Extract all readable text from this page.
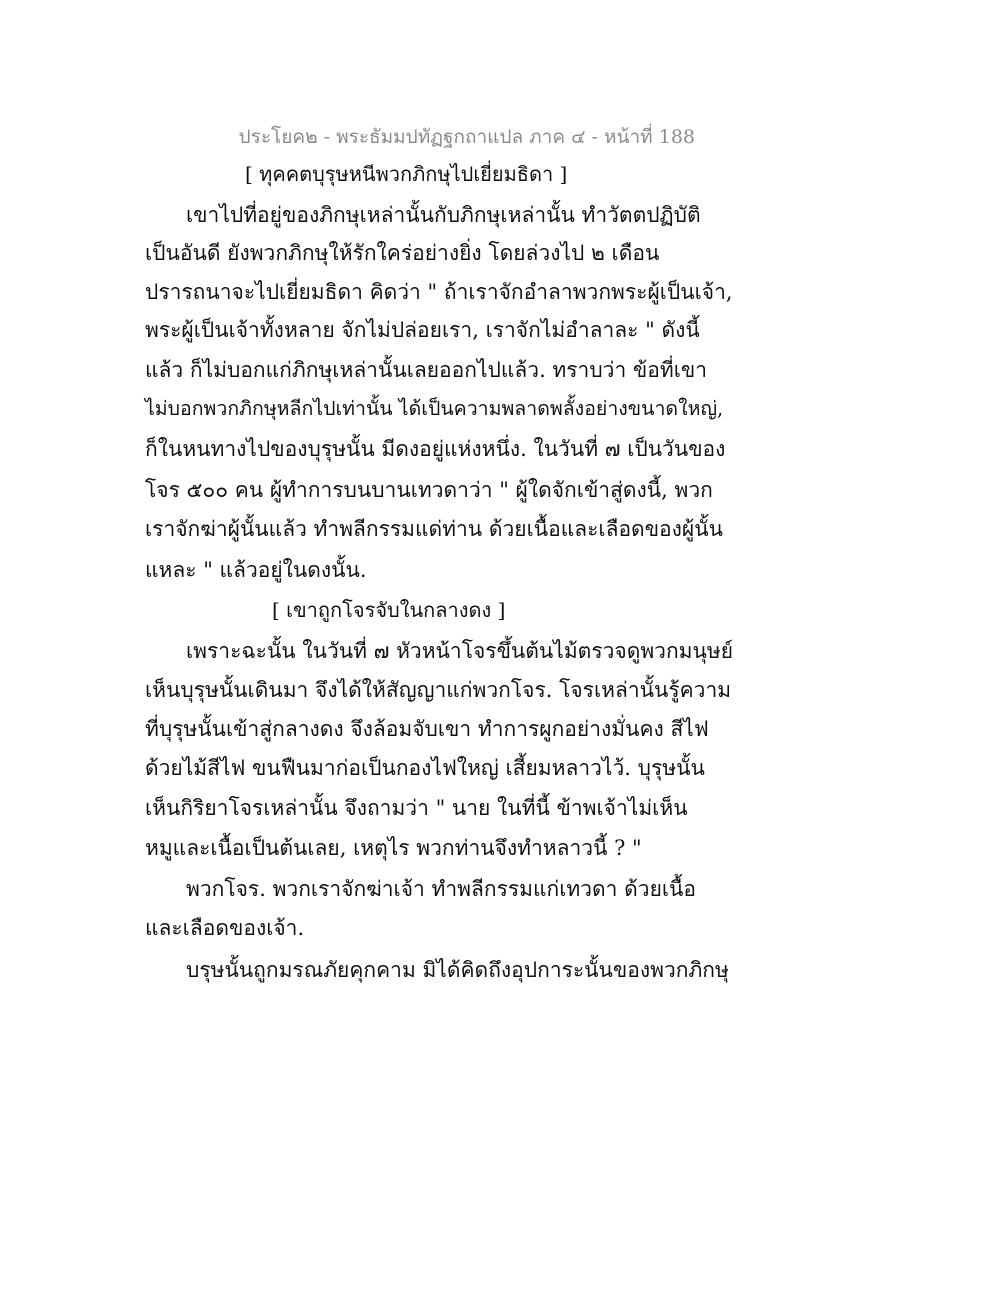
ประโยค๒ - พระธัมมปทัฏฐกถาแปล ภาค ๔ - หน้าที่ 188
[ ทุคคตบุรุษหนีพวกภิกษุไปเยี่ยมธิดา ]
เขาไปที่อยู่ของภิกษุเหล่านั้นกับภิกษุเหล่านั้น ทำวัตตปฏิบัติ
เป็นอันดี ยังพวกภิกษุให้รักใคร่อย่างยิ่ง โดยล่วงไป ๒ เดือน
ปรารถนาจะไปเยี่ยมธิดา คิดว่า " ถ้าเราจักอำลาพวกพระผู้เป็นเจ้า,
พระผู้เป็นเจ้าทั้งหลาย จักไม่ปล่อยเรา, เราจักไม่อำลาละ " ดังนี้
แล้ว ก็ไม่บอกแก่ภิกษุเหล่านั้นเลยออกไปแล้ว. ทราบว่า ข้อที่เขา
ไม่บอกพวกภิกษุหลีกไปเท่านั้น ได้เป็นความพลาดพลั้งอย่างขนาดใหญ่,
ก็ในหนทางไปของบุรุษนั้น มีดงอยู่แห่งหนึ่ง. ในวันที่ ๗ เป็นวันของ
โจร ๕๐๐ คน ผู้ทำการบนบานเทวดาว่า " ผู้ใดจักเข้าสู่ดงนี้, พวก
เราจักฆ่าผู้นั้นแล้ว ทำพลีกรรมแด่ท่าน ด้วยเนื้อและเลือดของผู้นั้น
แหละ " แล้วอยู่ในดงนั้น.
[ เขาถูกโจรจับในกลางดง ]
เพราะฉะนั้น ในวันที่ ๗ หัวหน้าโจรขึ้นต้นไม้ตรวจดูพวกมนุษย์
เห็นบุรุษนั้นเดินมา จึงได้ให้สัญญาแก่พวกโจร. โจรเหล่านั้นรู้ความ
ที่บุรุษนั้นเข้าสู่กลางดง จึงล้อมจับเขา ทำการผูกอย่างมั่นคง สีไฟ
ด้วยไม้สีไฟ ขนฟืนมาก่อเป็นกองไฟใหญ่ เสี้ยมหลาวไว้. บุรุษนั้น
เห็นกิริยาโจรเหล่านั้น จึงถามว่า " นาย ในที่นี้ ข้าพเจ้าไม่เห็น
หมูและเนื้อเป็นต้นเลย, เหตุไร พวกท่านจึงทำหลาวนี้ ? "
พวกโจร. พวกเราจักฆ่าเจ้า ทำพลีกรรมแก่เทวดา ด้วยเนื้อ
และเลือดของเจ้า.
บรุษนั้นถูกมรณภัยคุกคาม มิได้คิดถึงอุปการะนั้นของพวกภิกษุ
